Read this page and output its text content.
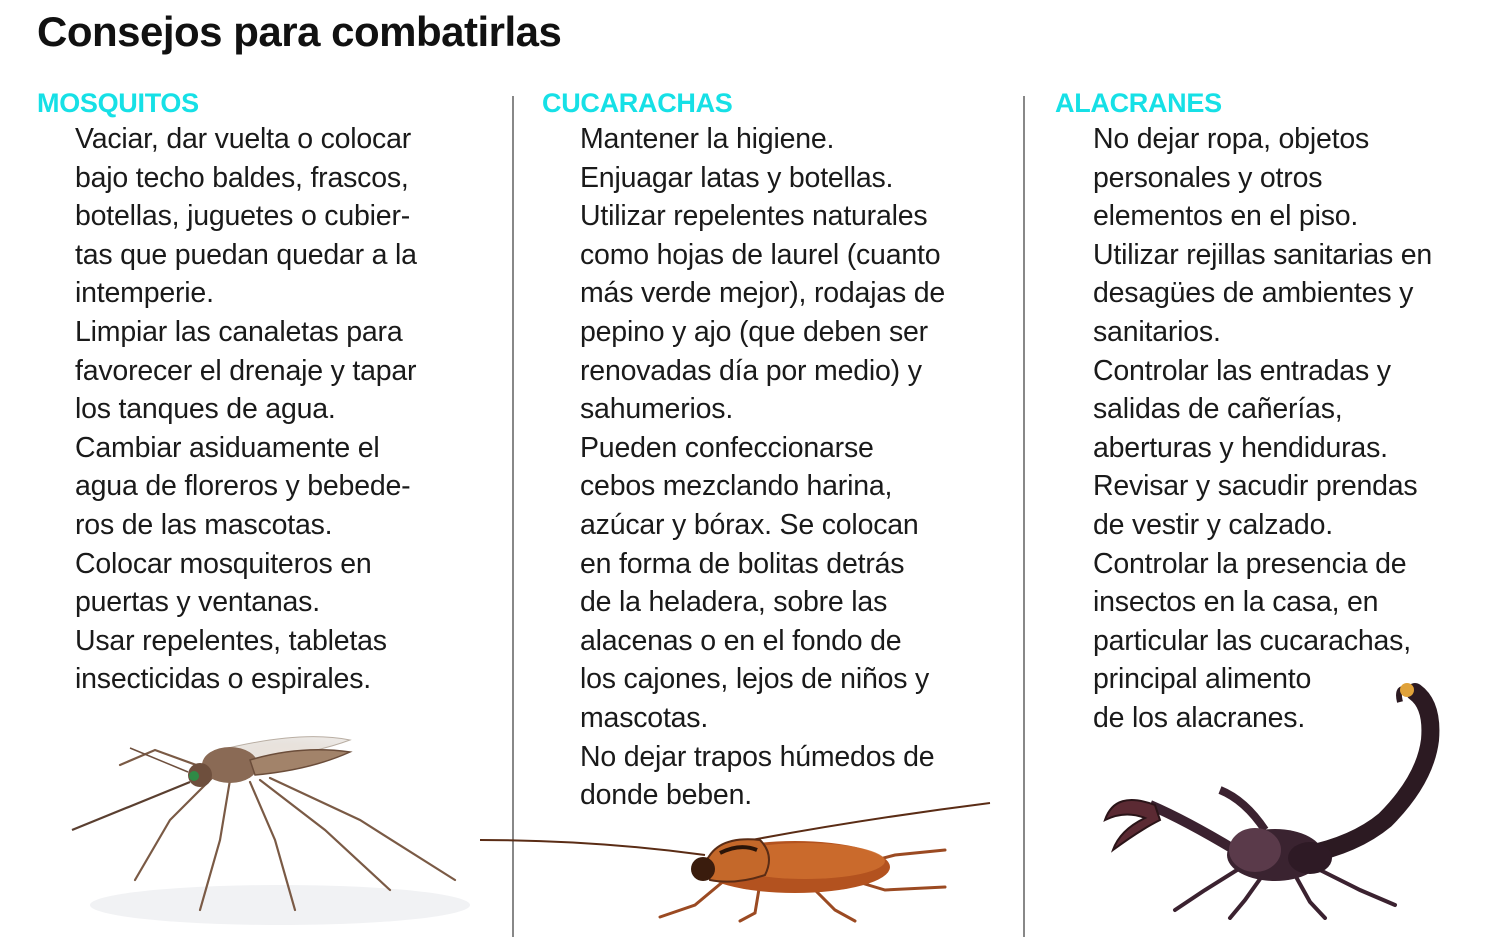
Consejos para combatirlas
MOSQUITOS
Vaciar, dar vuelta o colocar
bajo techo baldes, frascos,
botellas, juguetes o cubier-
tas que puedan quedar a la
intemperie.
Limpiar las canaletas para
favorecer el drenaje y tapar
los tanques de agua.
Cambiar asiduamente el
agua de floreros y bebede-
ros de las mascotas.
Colocar mosquiteros en
puertas y ventanas.
Usar repelentes, tabletas
insecticidas o espirales.
CUCARACHAS
Mantener la higiene.
Enjuagar latas y botellas.
Utilizar repelentes naturales
como hojas de laurel (cuanto
más verde mejor), rodajas de
pepino y ajo (que deben ser
renovadas día por medio) y
sahumerios.
Pueden confeccionarse
cebos mezclando harina,
azúcar y bórax. Se colocan
en forma de bolitas detrás
de la heladera, sobre las
alacenas o en el fondo de
los cajones, lejos de niños y
mascotas.
No dejar trapos húmedos de
donde beben.
ALACRANES
No dejar ropa, objetos
personales y otros
elementos en el piso.
Utilizar rejillas sanitarias en
desagües de ambientes y
sanitarios.
Controlar las entradas y
salidas de cañerías,
aberturas y hendiduras.
Revisar y sacudir prendas
de vestir y calzado.
Controlar la presencia de
insectos en la casa, en
particular las cucarachas,
principal alimento
de los alacranes.
